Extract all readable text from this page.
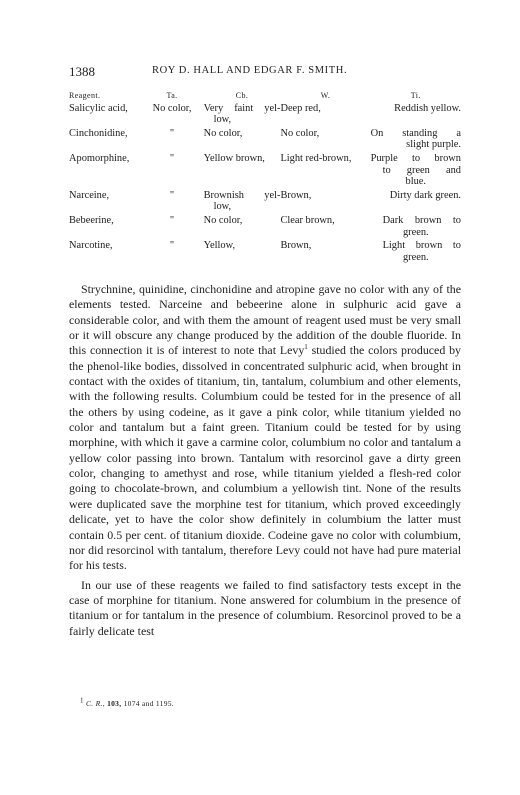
1388	ROY D. HALL AND EDGAR F. SMITH.
Reagent.	Ta.	Cb.	W.	Ti.
Salicylic acid,	No color,	Very faint yel-
low,	Deep red,	Reddish yellow.

Cinchonidine,	"	No color,	No color,	On standing a
slight purple.

Apomorphine,	"	Yellow brown,	Light red-brown,	Purple to brown
to green and
blue.

Narceine,	"	Brownish yel-
low,	Brown,	Dirty dark green.

Bebeerine,	"	No color,	Clear brown,	Dark brown to
green.

Narcotine,	"	Yellow,	Brown,	Light brown to
green.

Strychnine, quinidine, cinchonidine and atropine gave no color with any of the elements tested. Narceine and bebeerine alone in sulphuric acid gave a considerable color, and with them the amount of reagent used must be very small or it will obscure any change produced by the addition of the double fluoride. In this connection it is of interest to note that Levy$^1$ studied the colors produced by the phenol-like bodies, dissolved in concentrated sulphuric acid, when brought in contact with the oxides of titanium, tin, tantalum, columbium and other elements, with the following results. Columbium could be tested for in the presence of all the others by using codeine, as it gave a pink color, while titanium yielded no color and tantalum but a faint green. Titanium could be tested for by using morphine, with which it gave a carmine color, columbium no color and tantalum a yellow color passing into brown. Tantalum with resorcinol gave a dirty green color, changing to amethyst and rose, while titanium yielded a flesh-red color going to chocolate-brown, and columbium a yellowish tint. None of the results were duplicated save the morphine test for titanium, which proved exceedingly delicate, yet to have the color show definitely in columbium the latter must contain 0.5 per cent. of titanium dioxide. Codeine gave no color with columbium, nor did resorcinol with tantalum, therefore Levy could not have had pure material for his tests.

In our use of these reagents we failed to find satisfactory tests except in the case of morphine for titanium. None answered for columbium in the presence of titanium or for tantalum in the presence of columbium. Resorcinol proved to be a fairly delicate test

$^1$ C. R., 103, 1074 and 1195.
